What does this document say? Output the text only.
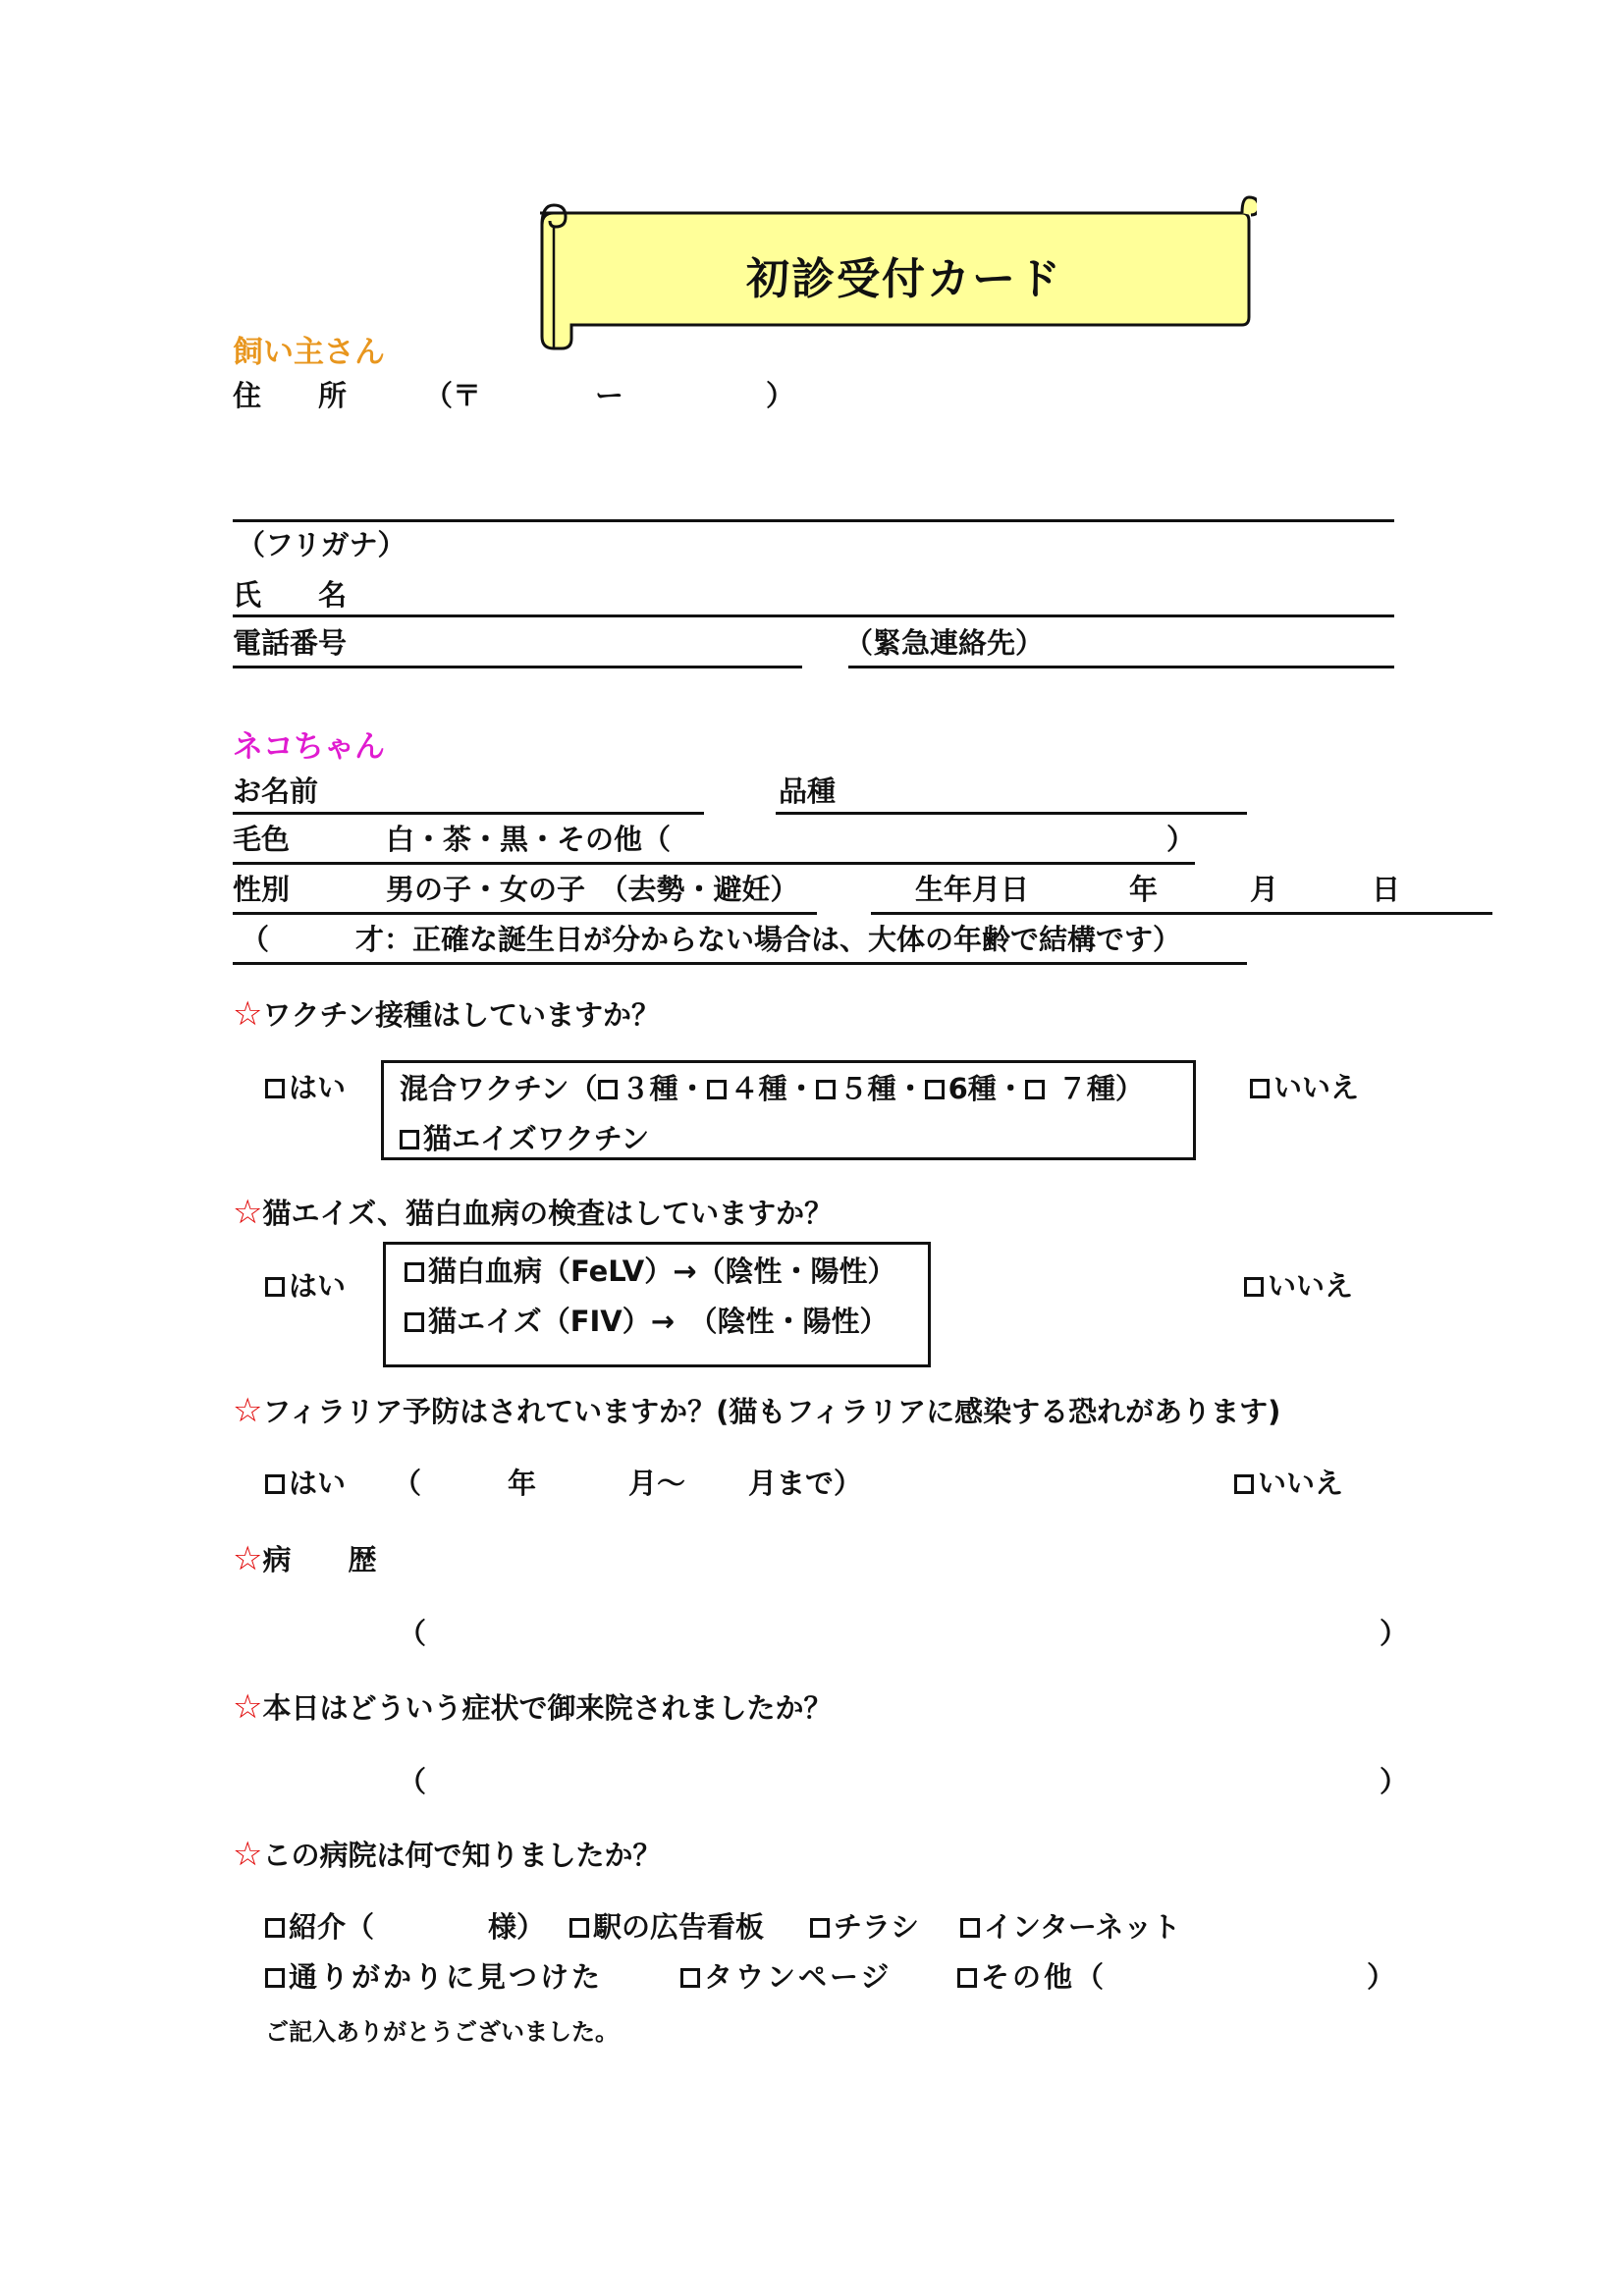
初診受付カード
飼い主さん
住　　所	（〒　　　　ー　　　　　）
（フリガナ）
氏　　名
電話番号	（緊急連絡先）
ネコちゃん
お名前	品種
毛色	白・茶・黒・その他（	）
性別	男の子・女の子　（去勢・避妊）	生年月日	年	月	日
（	才：正確な誕生日が分からない場合は、大体の年齢で結構です）
☆ワクチン接種はしていますか？
はい 混合ワクチン（ ３種・ ４種・ ５種・ 6種・ ７種）
猫エイズワクチン
いいえ
☆猫エイズ、猫白血病の検査はしていますか？
はい	猫白血病（FeLV）→（陰性・陽性）
猫エイズ（FIV）→　（陰性・陽性）
いいえ
☆フィラリア予防はされていますか？(猫もフィラリアに感染する恐れがあります)
はい （	年	月～ 月まで）	いいえ
☆病　　歴
（	）
☆本日はどういう症状で御来院されましたか？
（	）
☆この病院は何で知りましたか？
紹介（　　　　様）	駅の広告看板	チラシ	インターネット
通りがかりに見つけた	タウンページ	その他（	）
ご記入ありがとうございました。
